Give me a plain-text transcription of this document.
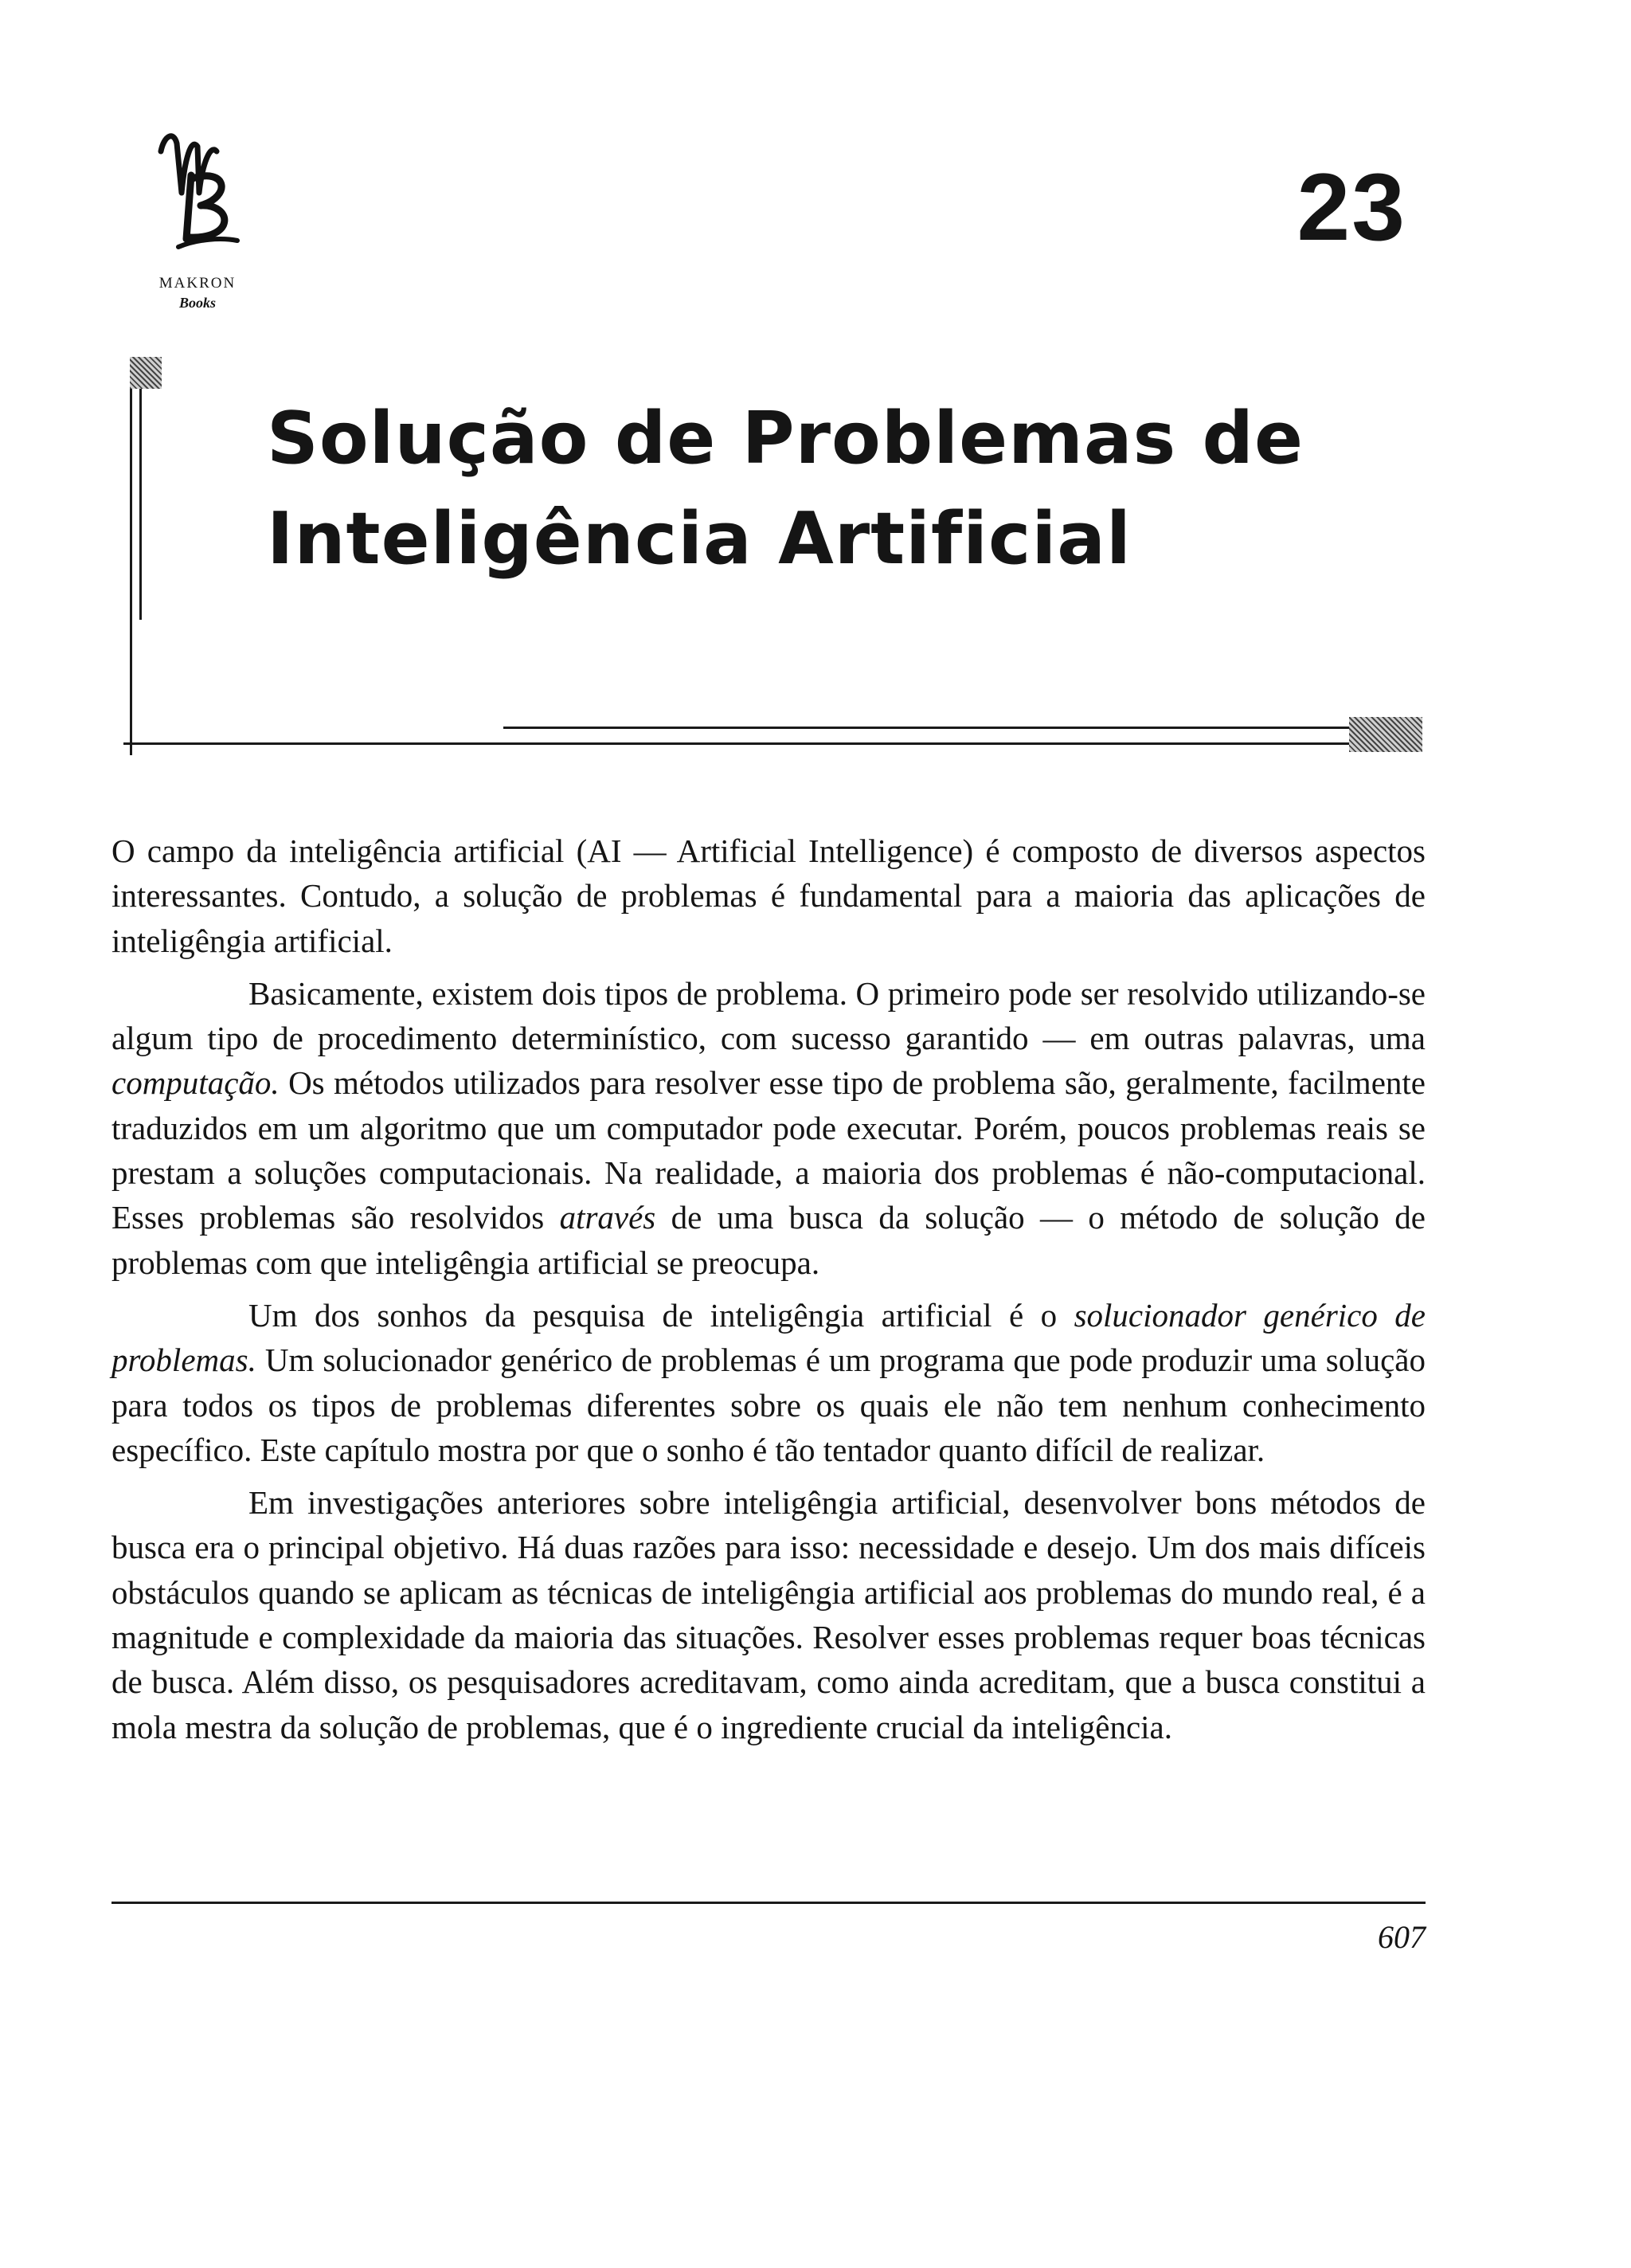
MAKRON
Books
23
Solução de Problemas de
Inteligência Artificial

O campo da inteligência artificial (AI — Artificial Intelligence) é composto de diversos aspectos interessantes. Contudo, a solução de problemas é fundamental para a maioria das aplicações de inteligêngia artificial.

Basicamente, existem dois tipos de problema. O primeiro pode ser resolvido utilizando-se algum tipo de procedimento determinístico, com sucesso garantido — em outras palavras, uma computação. Os métodos utilizados para resolver esse tipo de problema são, geralmente, facilmente traduzidos em um algoritmo que um computador pode executar. Porém, poucos problemas reais se prestam a soluções computacionais. Na realidade, a maioria dos problemas é não-computacional. Esses problemas são resolvidos através de uma busca da solução — o método de solução de problemas com que inteligêngia artificial se preocupa.

Um dos sonhos da pesquisa de inteligêngia artificial é o solucionador genérico de problemas. Um solucionador genérico de problemas é um programa que pode produzir uma solução para todos os tipos de problemas diferentes sobre os quais ele não tem nenhum conhecimento específico. Este capítulo mostra por que o sonho é tão tentador quanto difícil de realizar.

Em investigações anteriores sobre inteligêngia artificial, desenvolver bons métodos de busca era o principal objetivo. Há duas razões para isso: necessidade e desejo. Um dos mais difíceis obstáculos quando se aplicam as técnicas de inteligêngia artificial aos problemas do mundo real, é a magnitude e complexidade da maioria das situações. Resolver esses problemas requer boas técnicas de busca. Além disso, os pesquisadores acreditavam, como ainda acreditam, que a busca constitui a mola mestra da solução de problemas, que é o ingrediente crucial da inteligência.

607
